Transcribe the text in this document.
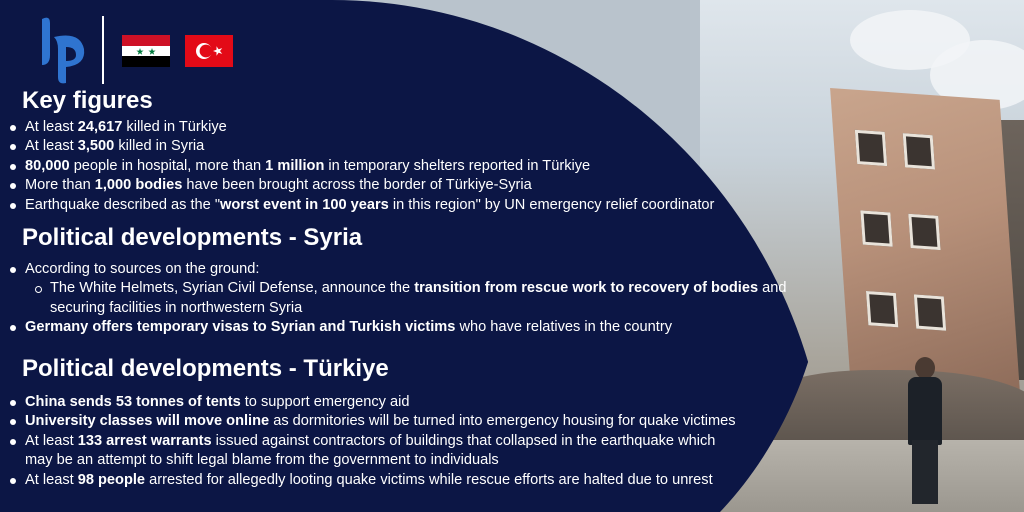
Key figures
At least 24,617 killed in Türkiye
At least 3,500 killed in Syria
80,000 people in hospital, more than 1 million in temporary shelters reported in Türkiye
More than 1,000 bodies have been brought across the border of Türkiye-Syria
Earthquake described as the "worst event in 100 years in this region" by UN emergency relief coordinator
Political developments - Syria
According to sources on the ground:
The White Helmets, Syrian Civil Defense, announce the transition from rescue work to recovery of bodies and
securing facilities in northwestern Syria
Germany offers temporary visas to Syrian and Turkish victims who have relatives in the country
Political developments - Türkiye
China sends 53 tonnes of tents to support emergency aid
University classes will move online as dormitories will be turned into emergency housing for quake victimes
At least 133 arrest warrants issued against contractors of buildings that collapsed in the earthquake which
may be an attempt to shift legal blame from the government to individuals
At least 98 people arrested for allegedly looting quake victims while rescue efforts are halted due to unrest
